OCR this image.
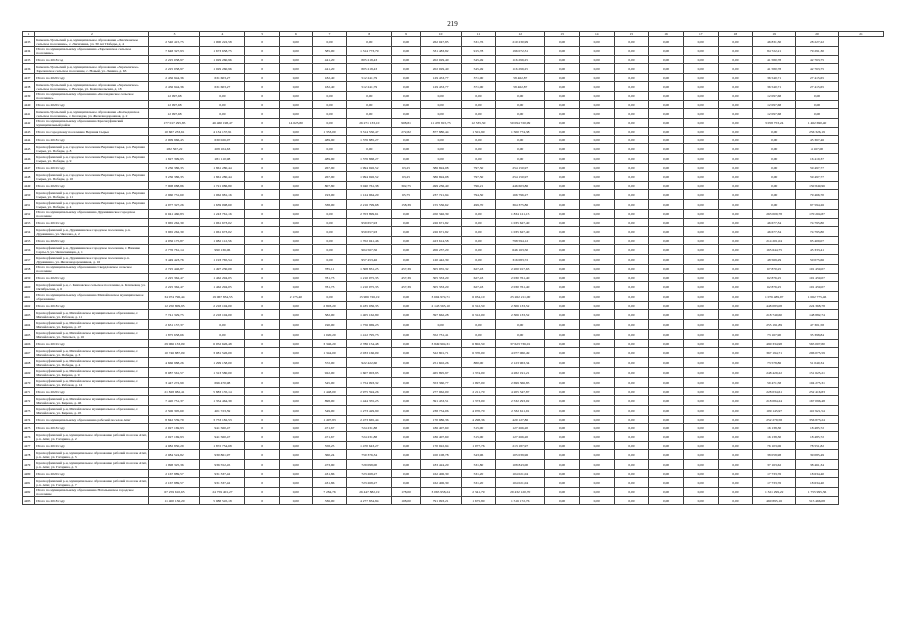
219
1	2	3	4	5	6	7	8	9	10	11	12	13	14	15	16	17	18	19	20	21
4433	Каменск-Уральский р-н, муниципальное образование «Лисичанское сельское поселение», с. Лисичанка, ул. 30 лет Победы, д. 4	2 540 415,75	1 000 222,58	0	0,00	0,00	0,00	0,00	262 047,85	531,76	210 230,99	0,00	0,00	0,00	0,00	0,00	0,00	46 831,30	28 227,22	
4434	Итого по муниципальному образованию «Зареченское сельское поселение»	7 648 327,93	1 673 658,75	0	0,00	585,00	1 314 773,79	0,00	331 483,82	915,78	196 072,31	0,00	0,00	0,00	0,00	0,00	0,00	84 722,21	79 291,30	
4435	Итого по 2018 год	2 225 038,97	1 029 260,96	0	0,00	441,20	805 218,43	0,00	202 029,40	545,49	116 299,25	0,00	0,00	0,00	0,00	0,00	0,00	41 580,78	42 763,75	
4436	Каменск-Уральский р-н, муниципальное образование «Зареченское» Зареченское сельское поселение, с. Новый, ул. Ленина, д. 63	2 225 038,97	1 029 260,96	0	0,00	441,20	805 218,43	0,00	202 029,40	545,49	116 299,25	0,00	0,00	0,00	0,00	0,00	0,00	41 580,78	42 763,75	
4437	Итого по 2020 году	2 456 944,36	631 603,27	0	0,00	182,40	512 241,79	0,00	129 453,77	371,00	58 462,87	0,00	0,00	0,00	0,00	0,00	0,00	36 540,71	27 415,65	
4438	Каменск-Уральский р-н, муниципальное образование «Зареченское» сельское поселение», с. Воскре, ул. Комсомольская, д. 18	2 456 944,36	631 603,27	0	0,00	182,40	512 241,79	0,00	129 453,77	371,00	58 462,87	0,00	0,00	0,00	0,00	0,00	0,00	36 540,71	27 415,65	
4439	Итого по муниципальному образованию «Колчеданское сельское поселение»	12 097,68	0,00	0	0,00	0,00	0,00	0,00	0,00	0,00	0,00	0,00	0,00	0,00	0,00	0,00	0,00	12 097,68	0,00	
4440	Итого по 2020 году	12 097,68	0,00	0	0,00	0,00	0,00	0,00	0,00	0,00	0,00	0,00	0,00	0,00	0,00	0,00	0,00	12 097,68	0,00	
4441	Каменск-Уральский р-н, муниципальное образование «Колчеданское сельское поселение», с. Колчедан, ул. Железнодорожная, д. 2	12 097,68	0,00	0	0,00	0,00	0,00	0,00	0,00	0,00	0,00	0,00	0,00	0,00	0,00	0,00	0,00	12 097,68	0,00	
4442	Итого по муниципальному образованию Красноуфимский муниципальный район	177 017 295,85	46 460 198,47	0	14 625,80	0,00	26 271 133,10	908,81	11 470 815,75	12 535,50	50 094 720,99	0,00	0,00	0,00	0,00	0,00	0,00	3 058 753,24	1 462 690,40	
4443	Итого по городскому поселению Верхняя Сырья	10 667 233,61	4 134 137,91	0	0,00	1 353,00	3 314 550,47	272,82	877 880,44	1 501,90	1 500 774,38	0,00	0,00	0,00	0,00	0,00	0,00	0,00	256 326,19	
4444	Итого по 2018 году	2 009 966,45	630 026,07	0	0,00	489,90	1 376 885,27	0,00	0,00	0,00	0,00	0,00	0,00	0,00	0,00	0,00	0,00	0,00	45 367,46	
4445	Красноуфимский р-н, городское поселение Верхняя Сырья, р.п. Верхняя Сырья, ул. Победы, д. 8	282 567,22	208 104,63	0	0,00	0,00	0,00	0,00	0,00	0,00	0,00	0,00	0,00	0,00	0,00	0,00	0,00	0,00	4 167,00	
4446	Красноуфимский р-н, городское поселение Верхняя Сырья, р.п. Верхняя Сырья, ул. Победы, д. 9	1 827 399,95	281 110,98	0	0,00	489,90	1 376 868,27	0,00	0,00	0,00	0,00	0,00	0,00	0,00	0,00	0,00	0,00	0,00	16 419,37	
4447	Итого по 2019 году	3 236 386,35	1 861 280,44	0	0,00	267,90	1 994 926,52	63,25	386 694,08	797,50	254 150,97	0,00	0,00	0,00	0,00	0,00	0,00	0,00	59 497,77	
4448	Красноуфимский р-н, городское поселение Верхняя Сырья, р.п. Верхняя Сырья, ул. Победы, д. 10	3 236 386,35	1 861 280,44	0	0,00	267,90	1 994 926,52	63,25	386 694,08	797,50	254 150,97	0,00	0,00	0,00	0,00	0,00	0,00	0,00	59 497,77	
4449	Итого по 2020 году	7 908 088,86	1 721 086,80	0	0,00	807,80	3 040 761,38	302,75	499 236,40	796,21	446 603,86	0,00	0,00	0,00	0,00	0,00	0,00	0,00	150 849,96	
4450	Красноуфимский р-н, городское поселение Верхняя Сырья, р.п. Верхняя Сырья, ул. Победы, д. 11	2 960 731,60	1 062 981,16	0	0,00	193,00	1 124 964,20	65,75	237 721,94	794,50	166 796,27	0,00	0,00	0,00	0,00	0,00	0,00	0,00	79 466,70	
4451	Красноуфимский р-н, городское поселение Верхняя Сырья, р.п. Верхняя Сырья, ул. Победы, д. 4	4 977 327,26	1 639 098,60	0	0,00	338,00	2 216 799,68	158,39	155 536,62	499,70	364 375,86	0,00	0,00	0,00	0,00	0,00	0,00	0,00	97 594,26	
4452	Итого по муниципальному образованию Дружининское городское поселение	6 041 460,83	1 243 761,16	0	0,00	0,00	2 703 899,61	0,00	450 346,39	0,00	1 834 121,15	0,00	0,00	0,00	0,00	0,00	0,00	263 009,78	170 204,87	
4453	Итого по 2019 году	3 965 262,30	1 061 673,02	0	0,00	0,00	959 657,93	0,00	226 671,82	0,00	1 035 627,40	0,00	0,00	0,00	0,00	0,00	0,00	46 677,34	74 795,80	
4454	Красноуфимский р-н, Дружининское городское поселение, р.п. Дружинино, ул. Чкалова, д. 2	3 965 262,30	1 061 673,02	0	0,00	0,00	959 657,93	0,00	226 671,82	0,00	1 035 627,40	0,00	0,00	0,00	0,00	0,00	0,00	46 677,34	74 795,80	
4455	Итого по 2020 году	4 056 175,87	1 082 112,56	0	0,00	0,00	1 702 041,46	0,00	423 614,58	0,00	798 594,12	0,00	0,00	0,00	0,00	0,00	0,00	214 201,04	95 409,07	
4456	Красноуфимский р-н, Дружининское городское поселение, г. Нижние Сергы-3, ул. Челюскинцев, д. 1	2 776 761,14	990 136,06	0	0,00	0,00	904 567,56	0,00	206 237,20	0,00	646 163,50	0,00	0,00	0,00	0,00	0,00	0,00	165 644,75	45 333,41	
4457	Красноуфимский р-н, Дружининское городское поселение р.п. Дружинино, ул. Железнодорожников, д. 16	3 449 423,76	1 193 765,54	0	0,00	0,00	957 453,46	0,00	120 442,39	0,00	316 083,72	0,00	0,00	0,00	0,00	0,00	0,00	48 569,29	50 075,66	
4458	Итого по муниципальному образованию Свердловское сельское поселение	2 725 446,87	1 497 230,09	0	0,00	785,11	1 308 831,25	457,39	305 955,32	627,43	2 200 917,63	0,00	0,00	0,00	0,00	0,00	0,00	67 870,25	101 459,07	
4459	Итого по 2020 году	2 225 362,47	1 462 294,05	0	0,00	781,73	1 210 075,35	457,39	305 333,20	627,43	2 030 761,40	0,00	0,00	0,00	0,00	0,00	0,00	62 876,25	101 459,07	
4460	Красноуфимский р-н, с. Киязовское сельское поселение, в. Ключевая, ул. Октябрьская, д. 6	2 225 362,47	1 462 294,05	0	0,00	781,73	1 210 075,35	457,39	305 333,20	627,43	2 030 761,40	0,00	0,00	0,00	0,00	0,00	0,00	62 876,25	101 459,07	
4461	Итого по муниципальному образованию Михайловское муниципальное образование	34 074 796,44	19 067 834,55	0	2 175,40	0,00	15 906 726,19	0,00	3 694 974,71	6 034,10	25 262 211,00	0,00	0,00	0,00	0,00	0,00	0,00	1 076 489,97	1 062 775,46	
4462	Итого по 2018 году	12 250 809,95	2 218 104,00	0	0,00	2 803,20	6 435 036,35	0,00	2 143 565,10	6 312,50	2 306 133,52	0,00	0,00	0,00	0,00	0,00	0,00	448 083,08	224 368,78	
4463	Красноуфимский р-н, Михайловское муниципальное образование, г. Михайловск, ул. Рабочая, д. 11	7 741 329,75	2 218 104,00	0	0,00	582,00	1 405 162,80	0,00	397 662,28	6 312,00	2 306 133,52	0,00	0,00	0,00	0,00	0,00	0,00	218 740,60	148 882,74	
4464	Красноуфимский р-н, Михайловское муниципальное образование, г. Михайловск, ул. Кирова, д. 47	2 631 157,37	0,00	0	0,00	190,00	1 756 969,23	0,00	0,00	0,00	0,00	0,00	0,00	0,00	0,00	0,00	0,00	255 191,89	47 301,58	
4465	Красноуфимский р-н, Михайловское муниципальное образование, г. Михайловск, ул. Энгельса, д. 16	1 875 658,66	0,00	0	0,00	1 020,20	1 412 795,73	0,00	352 731,41	0,00	0,00	0,00	0,00	0,00	0,00	0,00	0,00	73 167,90	35 398,84	
4466	Итого по 2019 году	29 066 133,09	6 052 626,48	0	0,00	3 346,20	2 786 154,48	0,00	3 849 904,31	6 802,50	37 623 736,01	0,00	0,00	0,00	0,00	0,00	0,00	490 334,98	565 007,80	
4467	Красноуфимский р-н, Михайловское муниципальное образование, г. Михайловск, ул. Победы, д. 3	10 746 887,09	3 081 526,09	0	0,00	1 344,00	2 033 166,09	0,00	522 801,71	6 370,00	4 077 060,49	0,00	0,00	0,00	0,00	0,00	0,00	367 194,71	296 075,59	
4468	Красноуфимский р-н, Михайловское муниципальное образование, г. Михайловск, ул. Победы, д. 4	4 666 988,26	1 299 158,00	0	0,00	572,00	922 422,60	0,00	251 602,26	880,00	2 123 963,34	0,00	0,00	0,00	0,00	0,00	0,00	73 578,86	51 040,34	
4469	Красноуфимский р-н, Михайловское муниципальное образование, г. Михайловск, ул. Кирова, д. 9	8 087 561,57	1 313 580,00	0	0,00	922,00	1 607 003,95	0,00	465 895,97	1 374,00	4 282 191,21	0,00	0,00	0,00	0,00	0,00	0,00	248 429,22	151 625,21	
4470	Красноуфимский р-н, Михайловское муниципальное образование, г. Михайловск, ул. Рабочая, д. 12	3 447 272,99	696 470,98	0	0,00	545,00	1 754 093,32	0,00	353 360,77	1 997,00	2 699 366,85	0,00	0,00	0,00	0,00	0,00	0,00	59 471,58	104 275,31	
4471	Итого по 2020 году	21 828 982,41	5 883 135,14	0	0,00	1 448,00	2 975 594,26	0,00	277 962,00	2 211,70	4 205 347,87	0,00	0,00	0,00	0,00	0,00	0,00	228 034,61	252 416,83	
4472	Красноуфимский р-н, Михайловское муниципальное образование, г. Михайловск, ул. Кирова, д. 46	7 420 751,37	1 354 464,39	0	0,00	898,00	1 444 355,25	0,00	391 453,51	1 373,00	2 532 293,02	0,00	0,00	0,00	0,00	0,00	0,00	218 084,24	167 096,48	
4473	Красноуфимский р-н, Михайловское муниципальное образование, г. Михайловск, ул. Кирова, д. 45	2 506 305,60	401 723,59	0	0,00	549,00	1 273 429,90	0,00	238 754,06	4 070,70	2 332 611,91	0,00	0,00	0,00	0,00	0,00	0,00	109 145,97	110 921,54	
4474	Итого по муниципальному образованию рабочий поселок Атиг	8 842 539,79	3 753 182,53	0	0,00	1 497,83	2 473 665,44	0,00	170 986,36	4 298,36	420 127,86	0,00	0,00	0,00	0,00	0,00	0,00	252 279,58	356 873,24	
4475	Итого по 2018 году	2 027 169,93	941 560,47	0	0,00	471,67	724 231,88	0,00	186 407,60	515,00	127 266,20	0,00	0,00	0,00	0,00	0,00	0,00	16 138,30	18 485,72	
4476	Красноуфимский р-н, муниципальное образование рабочий поселок Атиг, р.п. Атиг, ул. Гагарина, д. 2	2 027 169,93	941 560,47	0	0,00	471,67	724 231,88	0,00	186 407,60	515,00	127 266,20	0,00	0,00	0,00	0,00	0,00	0,00	16 138,30	18 485,72	
4477	Итого по 2019 году	4 082 850,29	1 872 754,68	0	0,00	558,25	1 470 643,27	0,00	170 922,94	1 077,76	213 187,97	0,00	0,00	0,00	0,00	0,00	0,00	76 103,06	78 551,82	
4478	Красноуфимский р-н, муниципальное образование рабочий поселок Атиг, р.п. Атиг, ул. Гагарина, д. 5	2 084 524,82	930 861,97	0	0,00	360,24	750 376,34	0,00	100 108,78	543,96	105 039,96	0,00	0,00	0,00	0,00	0,00	0,00	38 058,98	39 085,49	
4479	Красноуфимский р-н, муниципальное образование рабочий поселок Атиг, р.п. Атиг, ул. Гагарина, д. 3	1 998 325,36	936 552,45	0	0,00	473,90	729 098,00	0,00	183 424,20	531,80	108 843,00	0,00	0,00	0,00	0,00	0,00	0,00	37 163,62	38 461,34	
4480	Итого по 2020 году	2 167 889,57	931 337,42	0	0,00	431,86	723 268,27	0,00	162 406,30	531,20	104 021,04	0,00	0,00	0,00	0,00	0,00	0,00	17 733,76	18 634,40	
4481	Красноуфимский р-н, муниципальное образование рабочий поселок Атиг, р.п. Атиг, ул. Гагарина, д. 7	2 167 889,57	931 337,42	0	0,00	431,86	723 268,27	0,00	162 406,30	531,20	104 021,04	0,00	0,00	0,00	0,00	0,00	0,00	17 733,76	18 634,40	
4482	Итого по муниципальному образованию Натальинское городское поселение	67 259 610,65	24 759 401,27	0	0,00	7 284,76	26 447 882,19	178,00	3 065 958,24	2 341,79	29 432 120,70	0,00	0,00	0,00	0,00	0,00	0,00	1 321 299,22	1 755 995,36	
4483	Итого по 2018 году	11 400 136,20	5 988 545,18	0	0,00	336,00	4 277 834,84	108,00	791 093,21	1 675,80	1 516 172,76	0,00	0,00	0,00	0,00	0,00	0,00	460 895,16	515 466,08	
